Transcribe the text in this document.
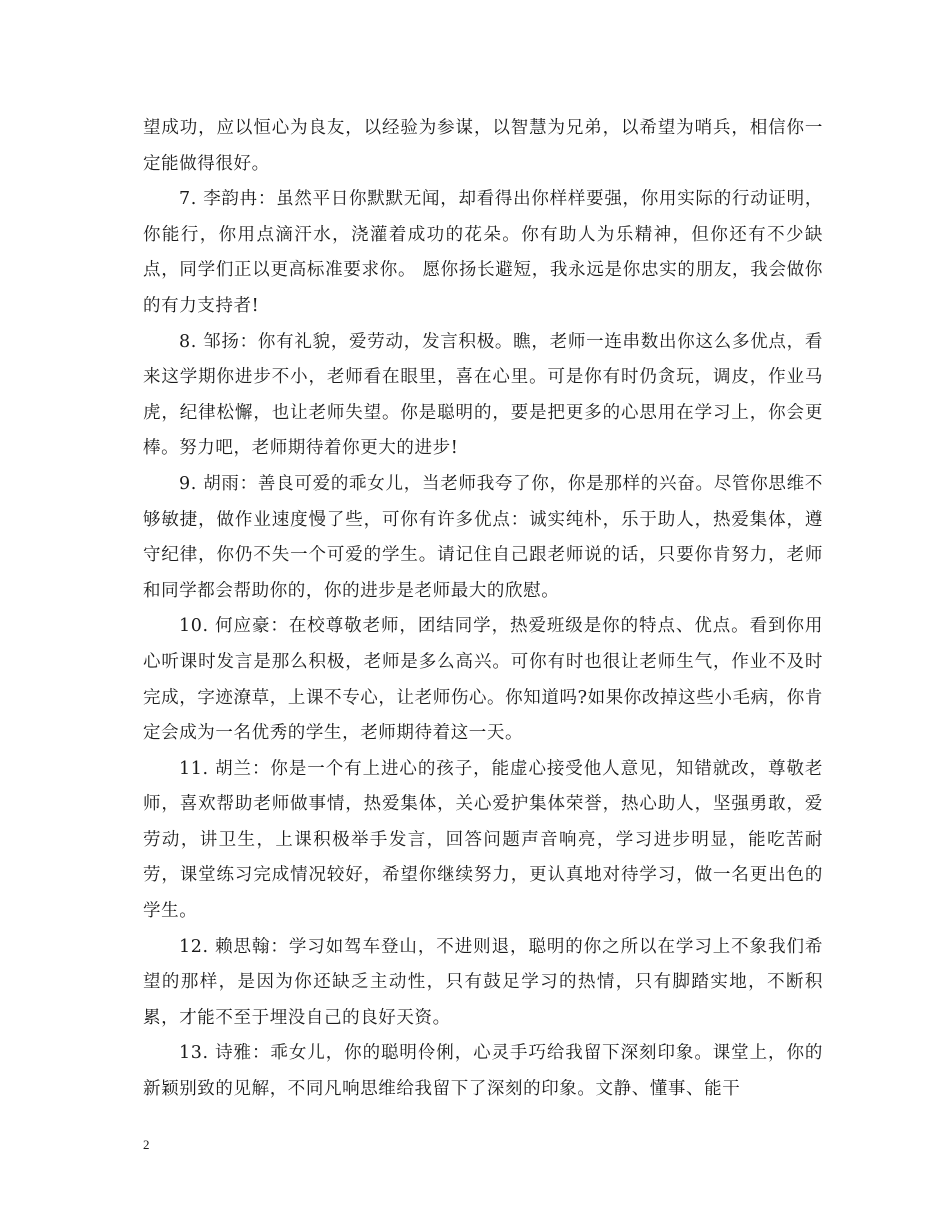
望成功，应以恒心为良友，以经验为参谋，以智慧为兄弟，以希望为哨兵，相信你一定能做得很好。

7. 李韵冉：虽然平日你默默无闻，却看得出你样样要强，你用实际的行动证明，你能行，你用点滴汗水，浇灌着成功的花朵。你有助人为乐精神，但你还有不少缺点，同学们正以更高标准要求你。 愿你扬长避短，我永远是你忠实的朋友，我会做你的有力支持者!

8. 邹扬：你有礼貌，爱劳动，发言积极。瞧，老师一连串数出你这么多优点，看来这学期你进步不小，老师看在眼里，喜在心里。可是你有时仍贪玩，调皮，作业马虎，纪律松懈，也让老师失望。你是聪明的，要是把更多的心思用在学习上，你会更棒。努力吧，老师期待着你更大的进步!

9. 胡雨：善良可爱的乖女儿，当老师我夸了你，你是那样的兴奋。尽管你思维不够敏捷，做作业速度慢了些，可你有许多优点：诚实纯朴，乐于助人，热爱集体，遵守纪律，你仍不失一个可爱的学生。请记住自己跟老师说的话，只要你肯努力，老师和同学都会帮助你的，你的进步是老师最大的欣慰。

10. 何应豪：在校尊敬老师，团结同学，热爱班级是你的特点、优点。看到你用心听课时发言是那么积极，老师是多么高兴。可你有时也很让老师生气，作业不及时完成，字迹潦草，上课不专心，让老师伤心。你知道吗?如果你改掉这些小毛病，你肯定会成为一名优秀的学生，老师期待着这一天。

11. 胡兰：你是一个有上进心的孩子，能虚心接受他人意见，知错就改，尊敬老师，喜欢帮助老师做事情，热爱集体，关心爱护集体荣誉，热心助人，坚强勇敢，爱劳动，讲卫生，上课积极举手发言，回答问题声音响亮，学习进步明显，能吃苦耐劳，课堂练习完成情况较好，希望你继续努力，更认真地对待学习，做一名更出色的学生。

12. 赖思翰：学习如驾车登山，不进则退，聪明的你之所以在学习上不象我们希望的那样，是因为你还缺乏主动性，只有鼓足学习的热情，只有脚踏实地，不断积累，才能不至于埋没自己的良好天资。

13. 诗雅：乖女儿，你的聪明伶俐，心灵手巧给我留下深刻印象。课堂上，你的新颖别致的见解，不同凡响思维给我留下了深刻的印象。文静、懂事、能干

2
